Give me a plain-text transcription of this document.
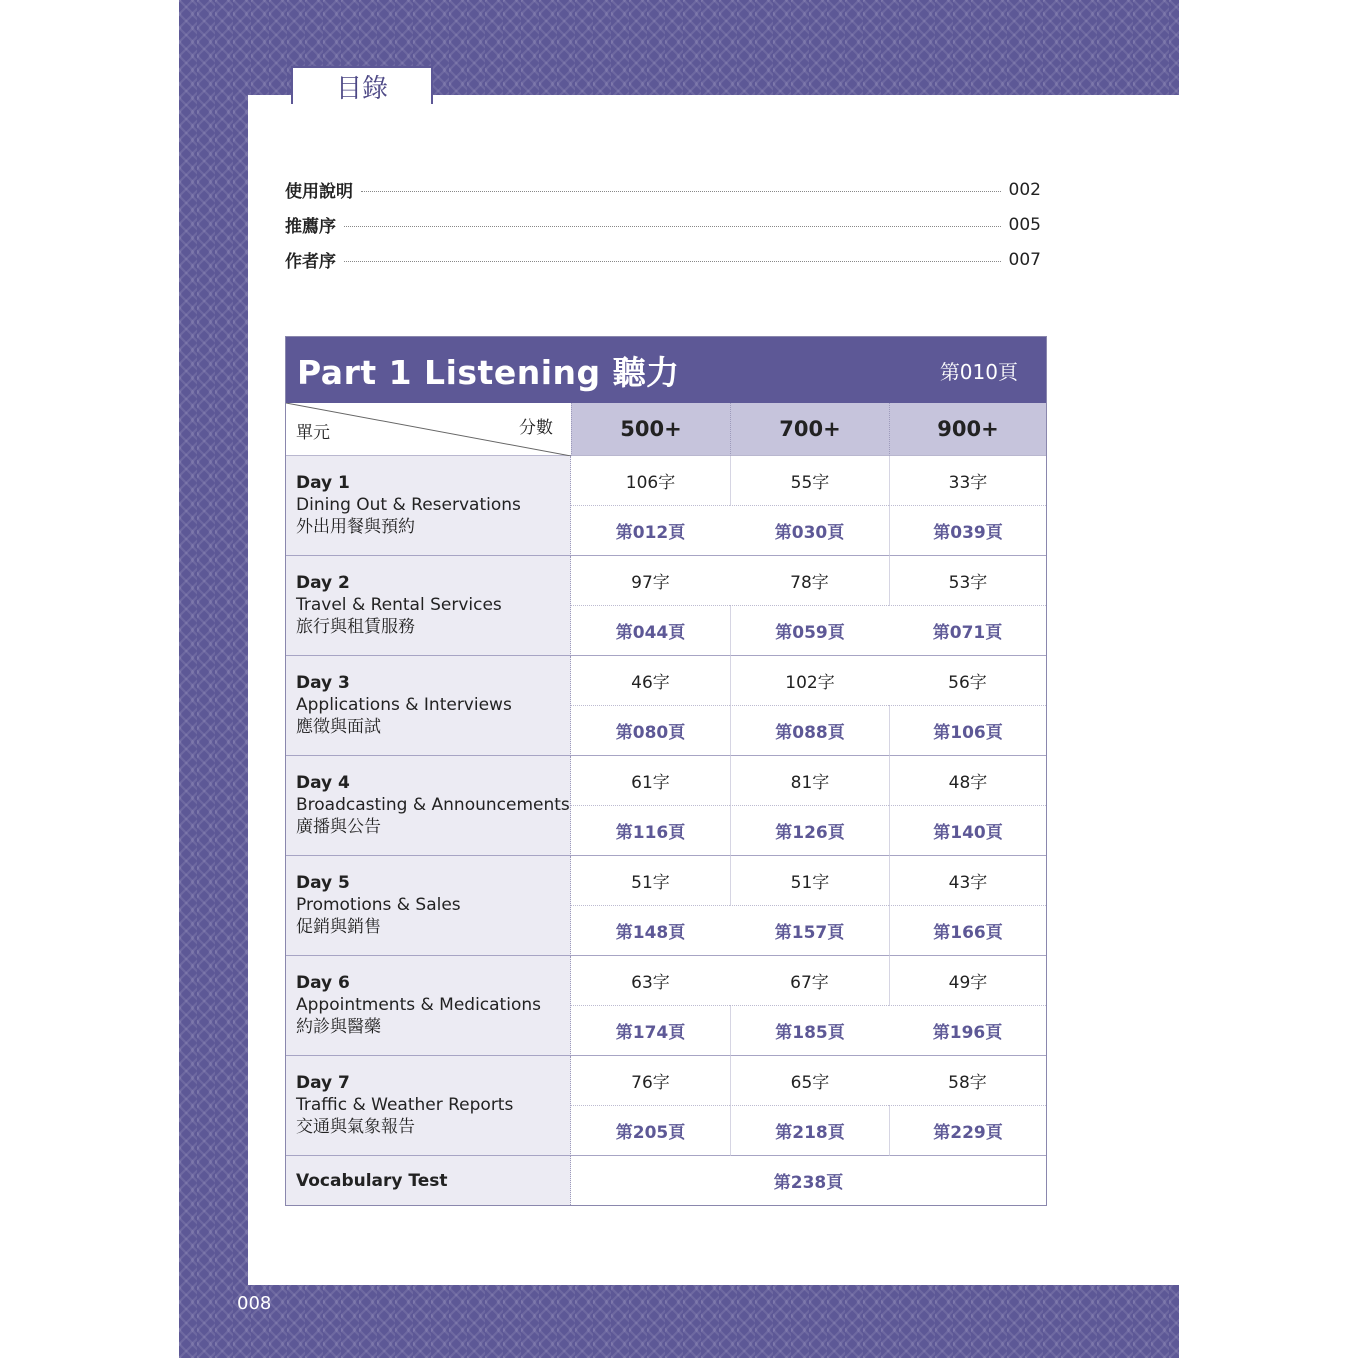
目錄
使用說明	002
推薦序	005
作者序	007
Part 1 Listening 聽力	第010頁
單元	分數	500+	700+	900+
Day 1
Dining Out & Reservations
外出用餐與預約
106字	55字	33字
第012頁	第030頁	第039頁
Day 2
Travel & Rental Services
旅行與租賃服務
97字	78字	53字
第044頁	第059頁	第071頁
Day 3
Applications & Interviews
應徵與面試
46字	102字	56字
第080頁	第088頁	第106頁
Day 4
Broadcasting & Announcements
廣播與公告
61字	81字	48字
第116頁	第126頁	第140頁
Day 5
Promotions & Sales
促銷與銷售
51字	51字	43字
第148頁	第157頁	第166頁
Day 6
Appointments & Medications
約診與醫藥
63字	67字	49字
第174頁	第185頁	第196頁
Day 7
Traffic & Weather Reports
交通與氣象報告
76字	65字	58字
第205頁	第218頁	第229頁
Vocabulary Test	第238頁
008
